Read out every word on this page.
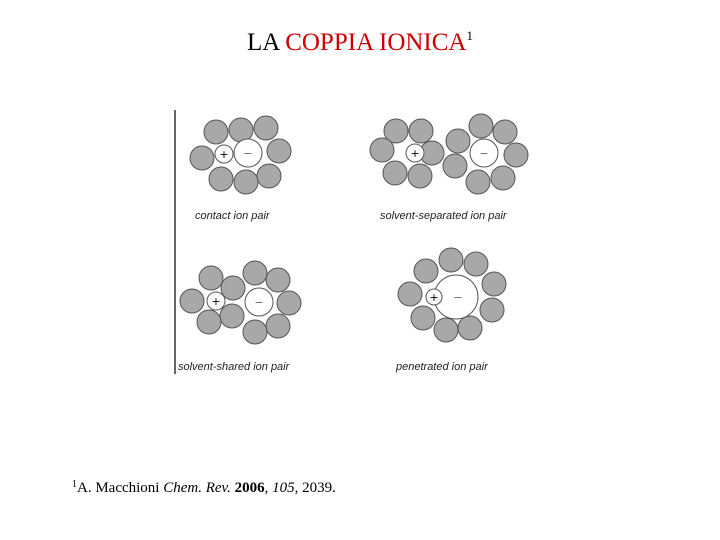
LA COPPIA $IONICA^1$
+ −
contact ion pair
+	−
solvent-separated ion pair
+	−
solvent-shared ion pair
−
+
penetrated ion pair
$^1$A. Macchioni Chem. Rev. 2006, 105, 2039.
